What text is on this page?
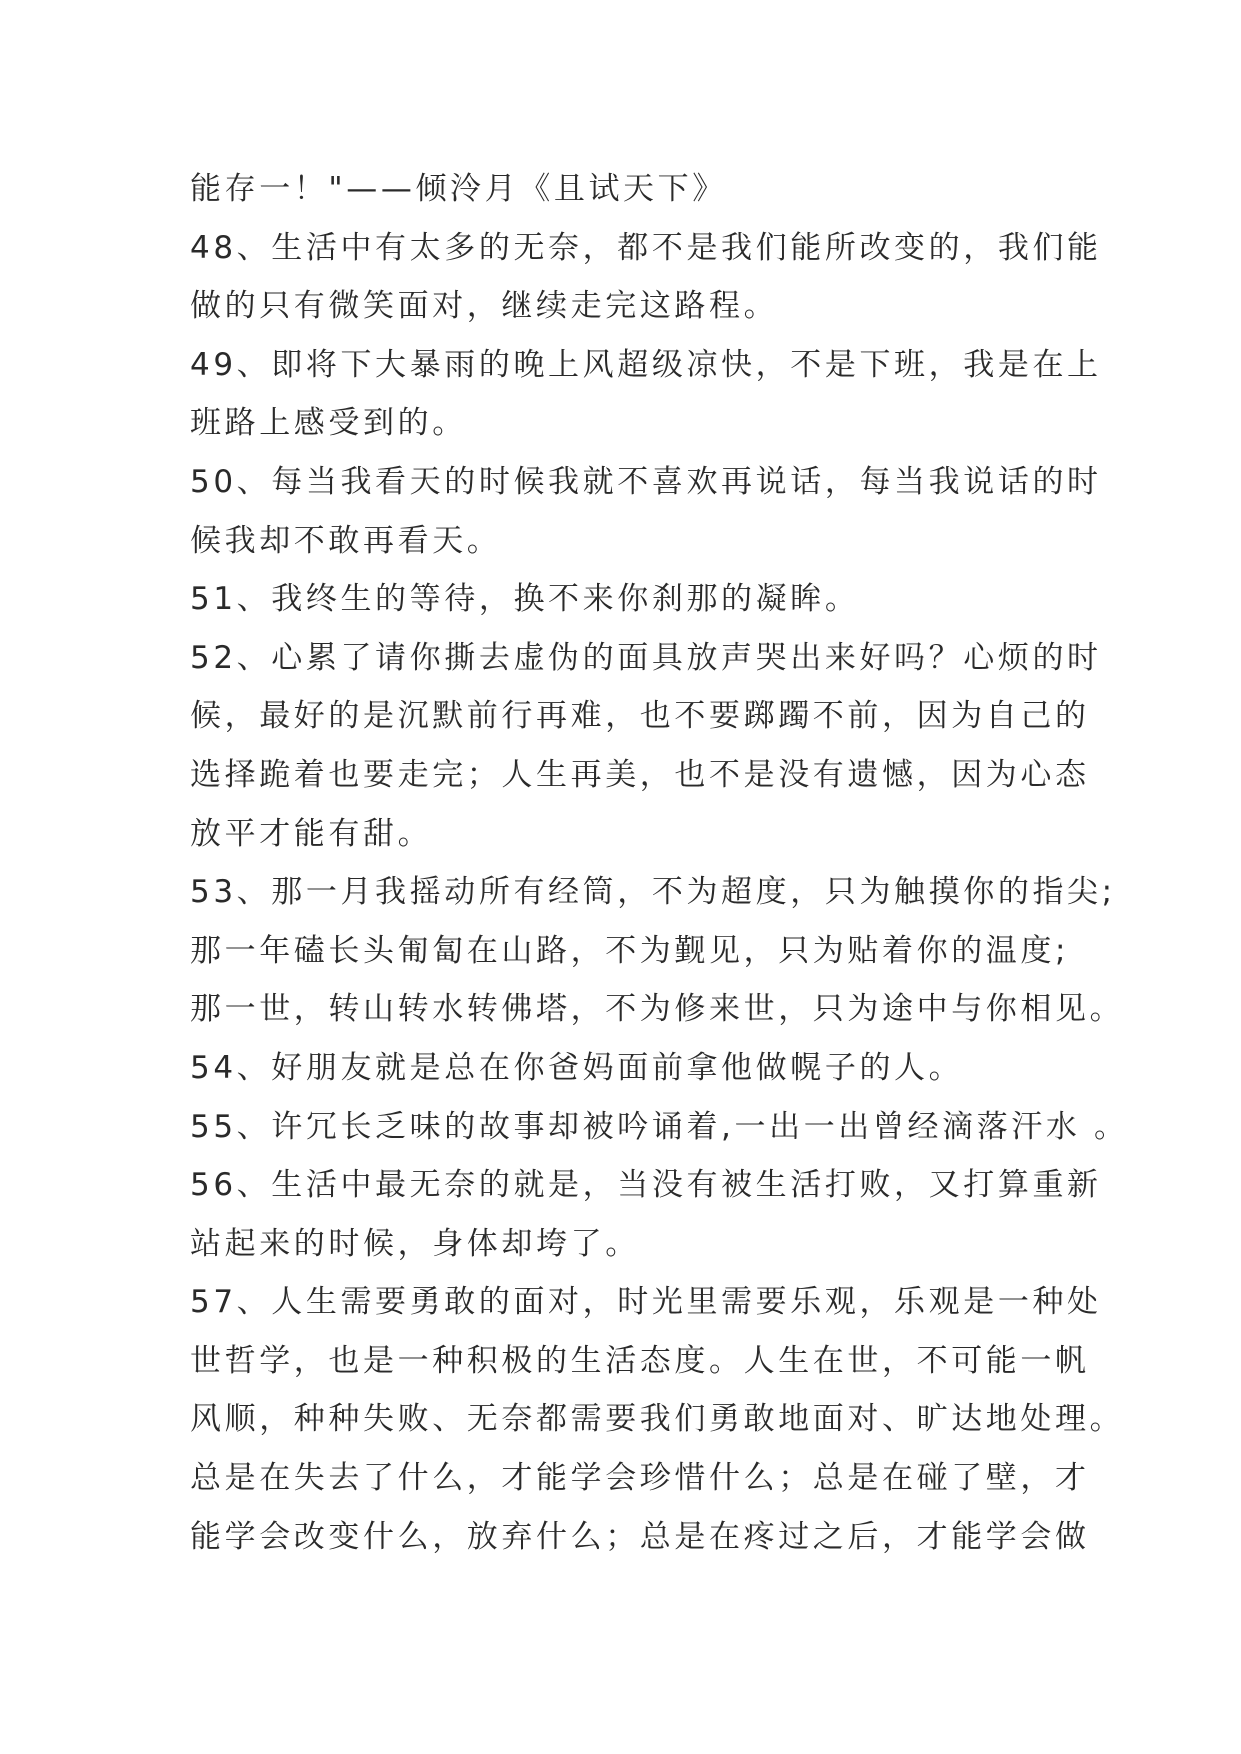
能存一！"——倾泠月《且试天下》
48、生活中有太多的无奈，都不是我们能所改变的，我们能
做的只有微笑面对，继续走完这路程。
49、即将下大暴雨的晚上风超级凉快，不是下班，我是在上
班路上感受到的。
50、每当我看天的时候我就不喜欢再说话，每当我说话的时
候我却不敢再看天。
51、我终生的等待，换不来你刹那的凝眸。
52、心累了请你撕去虚伪的面具放声哭出来好吗？心烦的时
候，最好的是沉默前行再难，也不要踯躅不前，因为自己的
选择跪着也要走完；人生再美，也不是没有遗憾，因为心态
放平才能有甜。
53、那一月我摇动所有经筒，不为超度，只为触摸你的指尖;
那一年磕长头匍匐在山路，不为觐见，只为贴着你的温度;
那一世，转山转水转佛塔，不为修来世，只为途中与你相见。
54、好朋友就是总在你爸妈面前拿他做幌子的人。
55、许冗长乏味的故事却被吟诵着,一出一出曾经滴落汗水 。
56、生活中最无奈的就是，当没有被生活打败，又打算重新
站起来的时候，身体却垮了。
57、人生需要勇敢的面对，时光里需要乐观，乐观是一种处
世哲学，也是一种积极的生活态度。人生在世，不可能一帆
风顺，种种失败、无奈都需要我们勇敢地面对、旷达地处理。
总是在失去了什么，才能学会珍惜什么；总是在碰了壁，才
能学会改变什么，放弃什么；总是在疼过之后，才能学会做
